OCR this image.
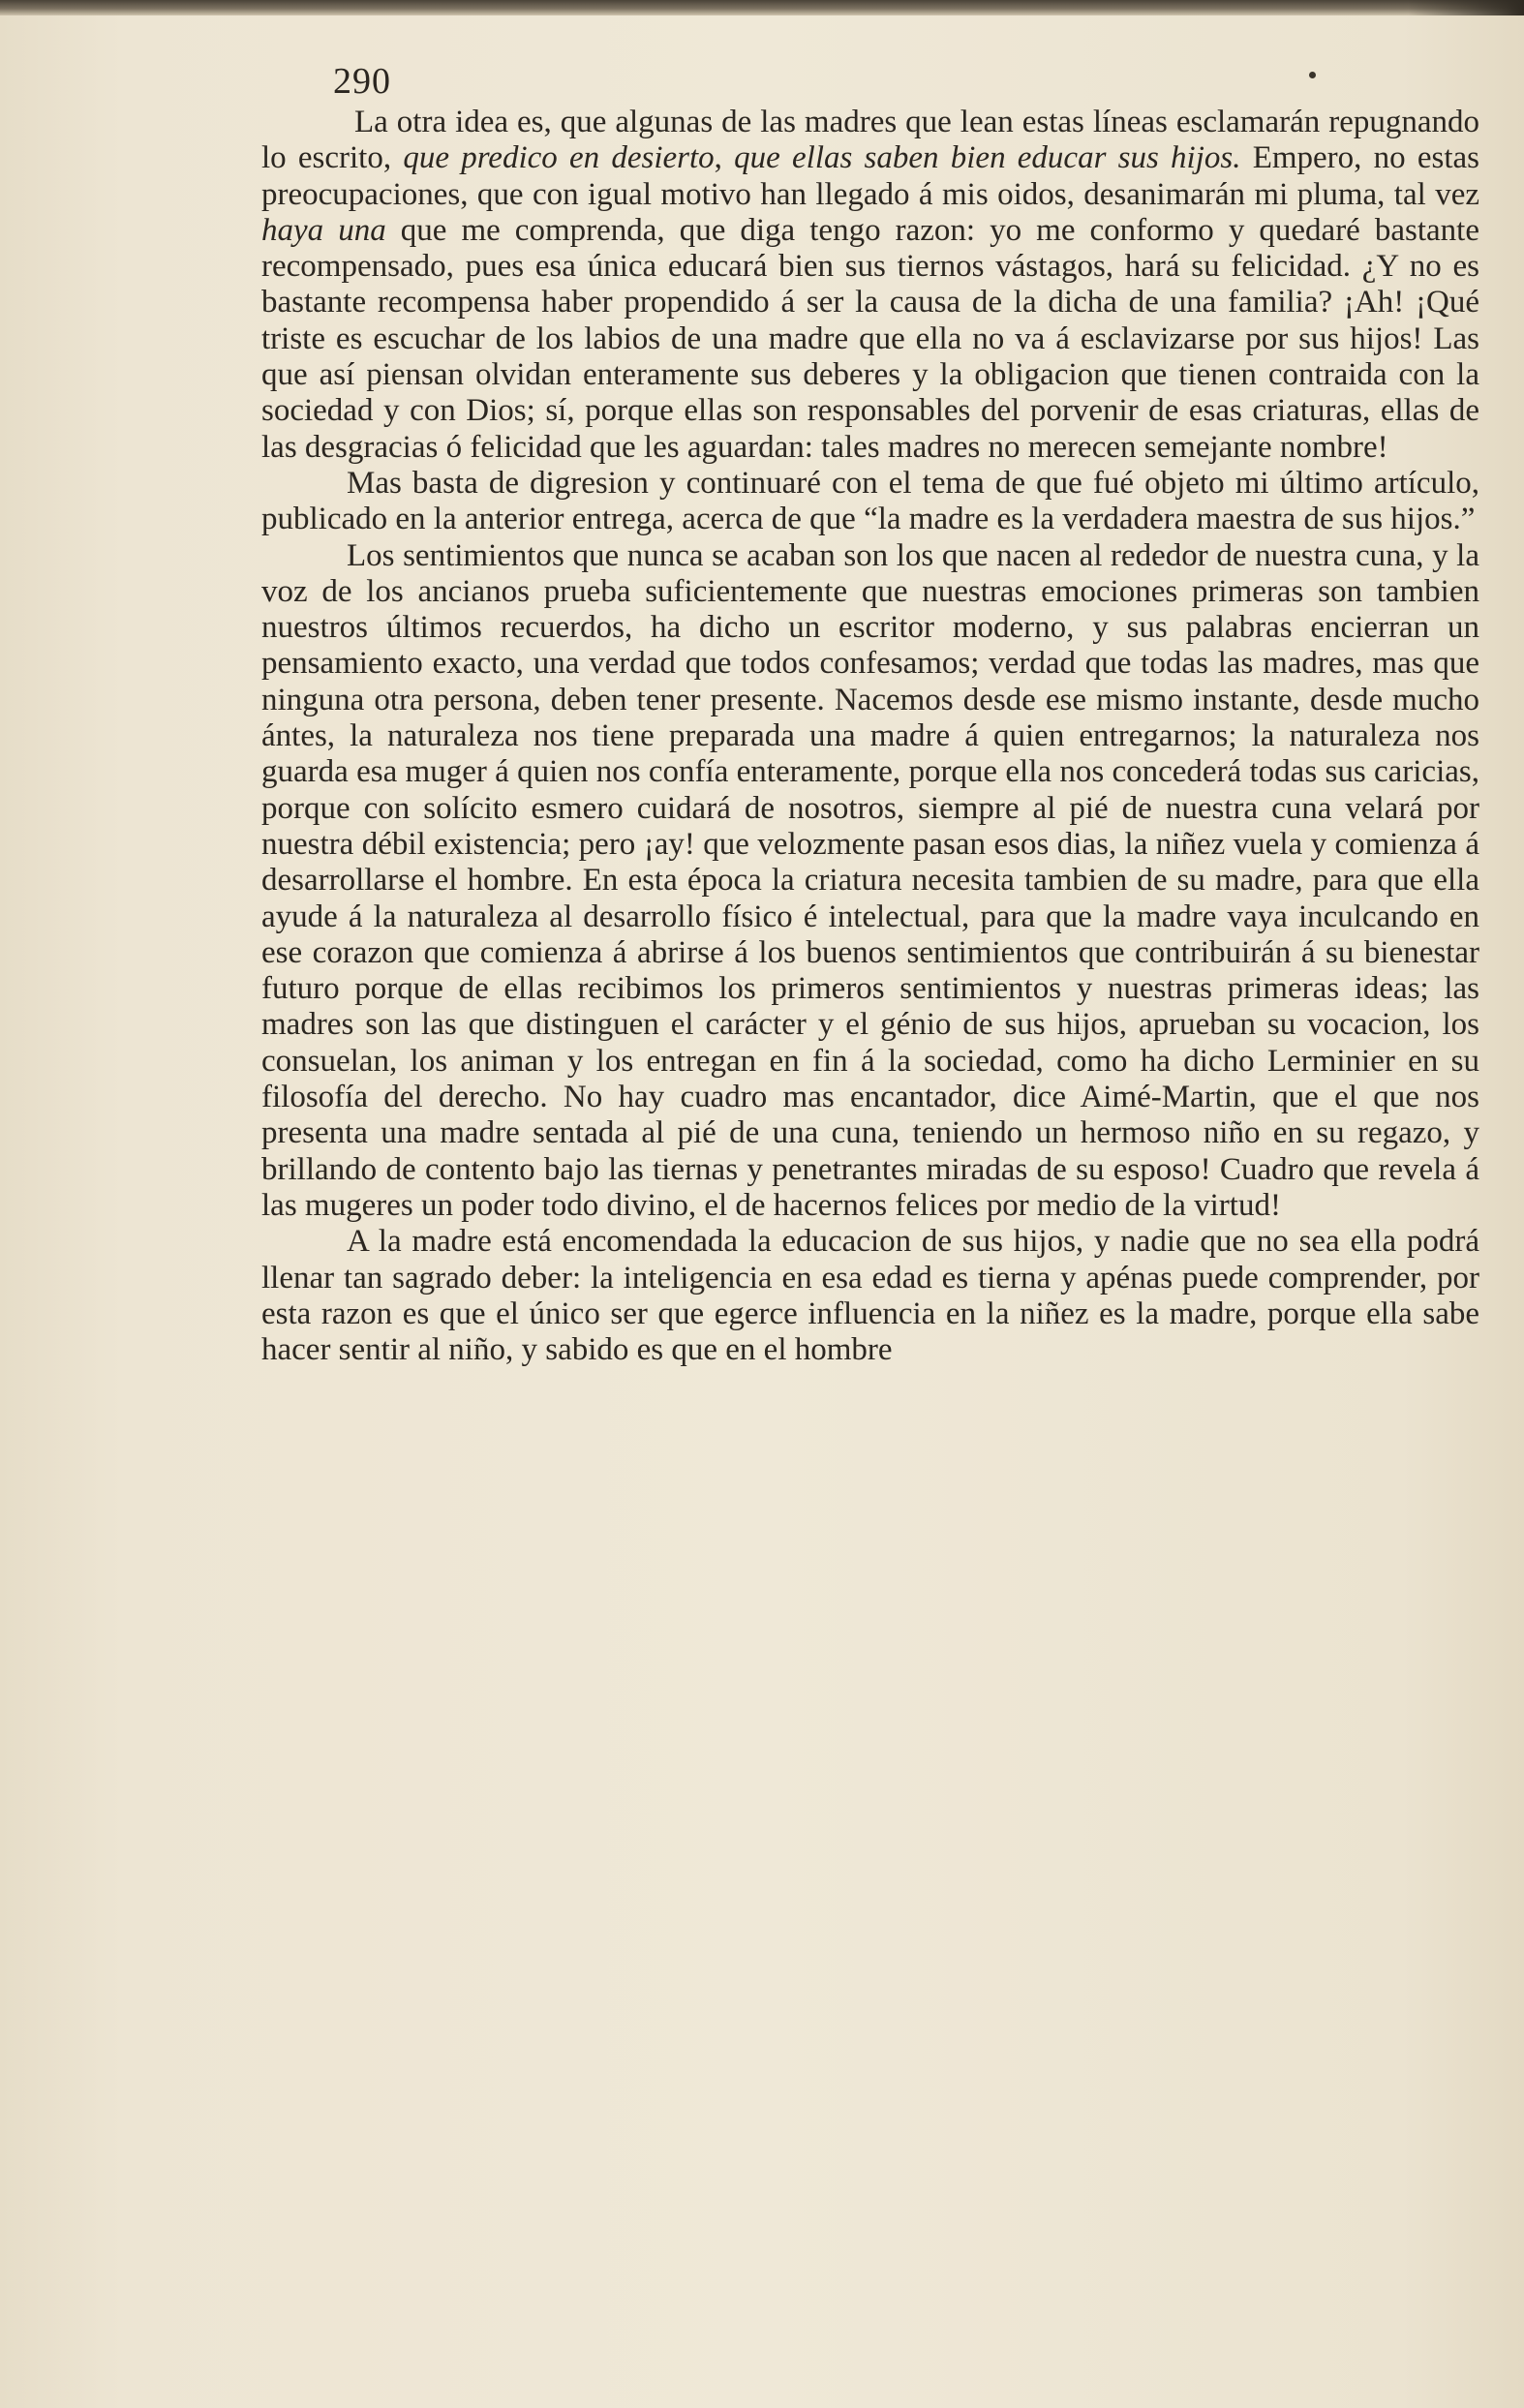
290

La otra idea es, que algunas de las madres que lean estas líneas esclamarán repugnando lo escrito, que predico en desierto, que ellas saben bien educar sus hijos. Empero, no estas preocupaciones, que con igual motivo han llegado á mis oidos, desanimarán mi pluma, tal vez haya una que me comprenda, que diga tengo razon: yo me conformo y quedaré bastante recompensado, pues esa única educará bien sus tiernos vástagos, hará su felicidad. ¿Y no es bastante recompensa haber propendido á ser la causa de la dicha de una familia? ¡Ah! ¡Qué triste es escuchar de los labios de una madre que ella no va á esclavizarse por sus hijos! Las que así piensan olvidan enteramente sus deberes y la obligacion que tienen contraida con la sociedad y con Dios; sí, porque ellas son responsables del porvenir de esas criaturas, ellas de las desgracias ó felicidad que les aguardan: tales madres no merecen semejante nombre!

Mas basta de digresion y continuaré con el tema de que fué objeto mi último artículo, publicado en la anterior entrega, acerca de que “la madre es la verdadera maestra de sus hijos.”

Los sentimientos que nunca se acaban son los que nacen al rededor de nuestra cuna, y la voz de los ancianos prueba suficientemente que nuestras emociones primeras son tambien nuestros últimos recuerdos, ha dicho un escritor moderno, y sus palabras encierran un pensamiento exacto, una verdad que todos confesamos; verdad que todas las madres, mas que ninguna otra persona, deben tener presente. Nacemos desde ese mismo instante, desde mucho ántes, la naturaleza nos tiene preparada una madre á quien entregarnos; la naturaleza nos guarda esa muger á quien nos confía enteramente, porque ella nos concederá todas sus caricias, porque con solícito esmero cuidará de nosotros, siempre al pié de nuestra cuna velará por nuestra débil existencia; pero ¡ay! que velozmente pasan esos dias, la niñez vuela y comienza á desarrollarse el hombre. En esta época la criatura necesita tambien de su madre, para que ella ayude á la naturaleza al desarrollo físico é intelectual, para que la madre vaya inculcando en ese corazon que comienza á abrirse á los buenos sentimientos que contribuirán á su bienestar futuro porque de ellas recibimos los primeros sentimientos y nuestras primeras ideas; las madres son las que distinguen el carácter y el génio de sus hijos, aprueban su vocacion, los consuelan, los animan y los entregan en fin á la sociedad, como ha dicho Lerminier en su filosofía del derecho. No hay cuadro mas encantador, dice Aimé-Martin, que el que nos presenta una madre sentada al pié de una cuna, teniendo un hermoso niño en su regazo, y brillando de contento bajo las tiernas y penetrantes miradas de su esposo! Cuadro que revela á las mugeres un poder todo divino, el de hacernos felices por medio de la virtud!

A la madre está encomendada la educacion de sus hijos, y nadie que no sea ella podrá llenar tan sagrado deber: la inteligencia en esa edad es tierna y apénas puede comprender, por esta razon es que el único ser que egerce influencia en la niñez es la madre, porque ella sabe hacer sentir al niño, y sabido es que en el hombre
